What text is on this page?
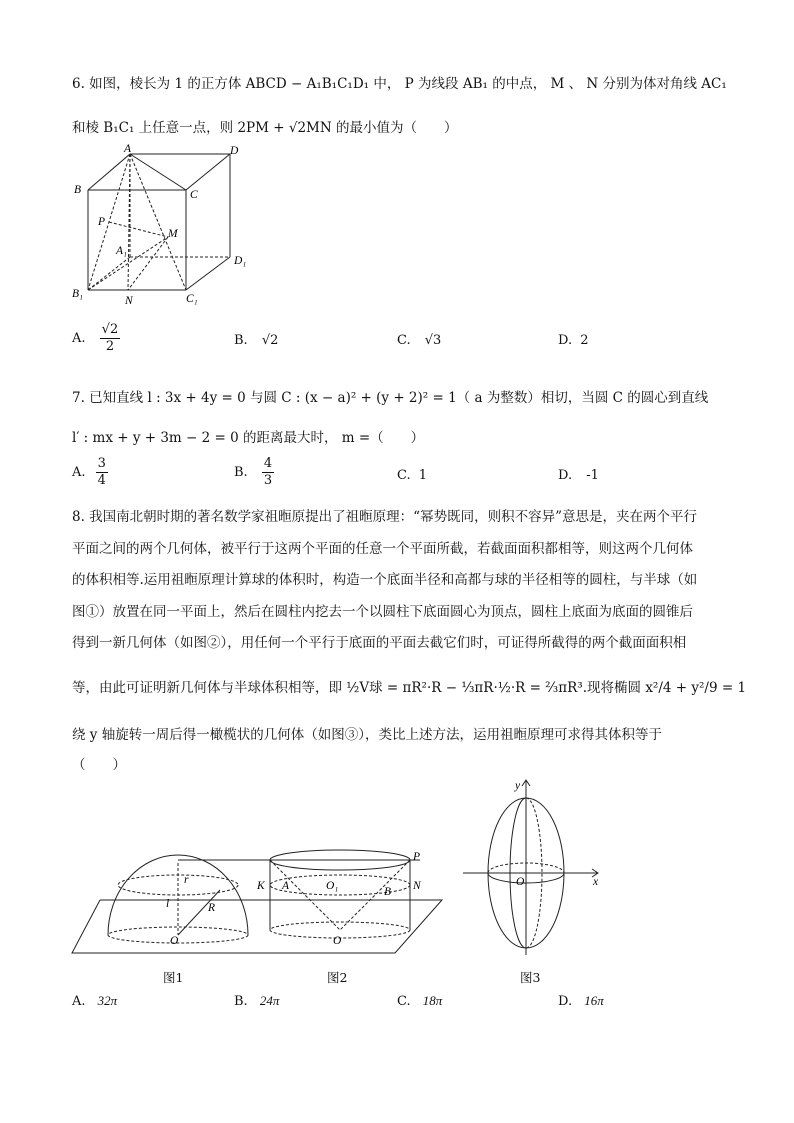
6. 如图，棱长为 1 的正方体 ABCD − A₁B₁C₁D₁ 中， P 为线段 AB₁ 的中点， M 、 N 分别为体对角线 AC₁
和棱 B₁C₁ 上任意一点，则 2PM + √2MN 的最小值为（　　）
A	D
B	C
P
M
A₁
D₁
B₁
N	C₁
A. $\frac{√2}{2}$	B. √2	C. √3	D. 2
7. 已知直线 l : 3x + 4y = 0 与圆 C : (x − a)² + (y + 2)² = 1（ a 为整数）相切，当圆 C 的圆心到直线
l′ : mx + y + 3m − 2 = 0 的距离最大时， m =（　　）
A. $\frac{3}{4}$	B. $\frac{4}{3}$	C. 1	D. -1
8. 我国南北朝时期的著名数学家祖暅原提出了祖暅原理：“幂势既同，则积不容异”意思是，夹在两个平行
平面之间的两个几何体，被平行于这两个平面的任意一个平面所截，若截面面积都相等，则这两个几何体
的体积相等.运用祖暅原理计算球的体积时，构造一个底面半径和高都与球的半径相等的圆柱，与半球（如
图①）放置在同一平面上，然后在圆柱内挖去一个以圆柱下底面圆心为顶点，圆柱上底面为底面的圆锥后
得到一新几何体（如图②），用任何一个平行于底面的平面去截它们时，可证得所截得的两个截面面积相
等，由此可证明新几何体与半球体积相等，即 ½V球 = πR²·R − ⅓πR·½·R = ⅔πR³.现将椭圆 x²/4 + y²/9 = 1
绕 y 轴旋转一周后得一橄榄状的几何体（如图③），类比上述方法，运用祖暅原理可求得其体积等于
（　　）
r
l	R
O
P
K A	O₁	B N
O
图1	图2
y
x
O
图3
A. 32π	B. 24π	C. 18π	D. 16π
